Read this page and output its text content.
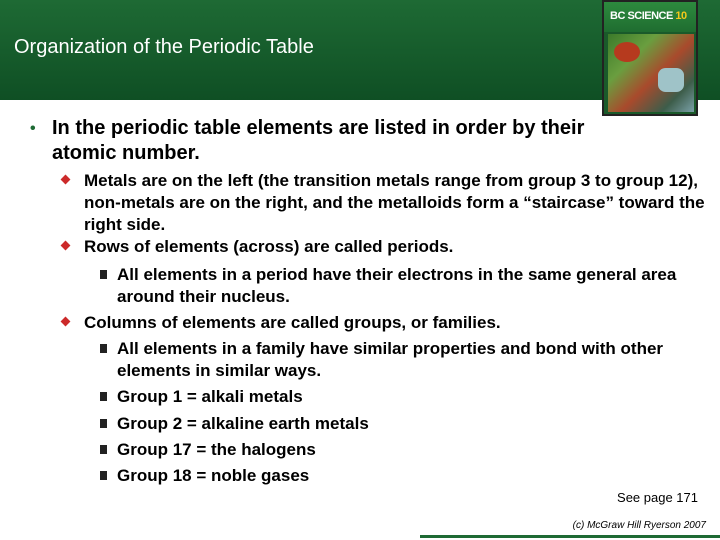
Organization of the Periodic Table
BC SCIENCE 10
• In the periodic table elements are listed in order by their atomic number.
Metals are on the left (the transition metals range from group 3 to group 12), non-metals are on the right, and the metalloids form a “staircase” toward the right side.
Rows of elements (across) are called periods.
All elements in a period have their electrons in the same general area around their nucleus.
Columns of elements are called groups, or families.
All elements in a family have similar properties and bond with other elements in similar ways.
Group 1 = alkali metals
Group 2 = alkaline earth metals
Group 17 = the halogens
Group 18 = noble gases
See page 171
(c) McGraw Hill Ryerson 2007
